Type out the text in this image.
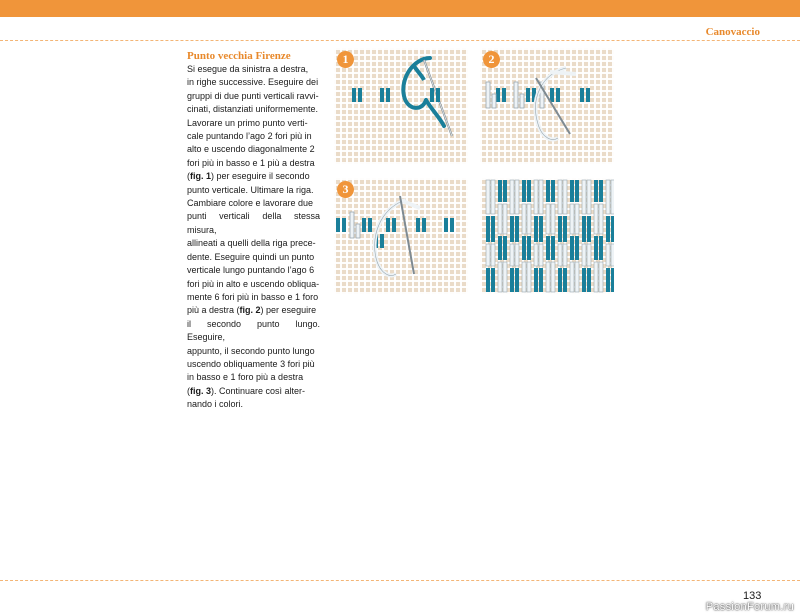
Canovaccio
Punto vecchia Firenze

Si esegue da sinistra a destra,
in righe successive. Eseguire dei
gruppi di due punti verticali ravvi-
cinati, distanziati uniformemente.
Lavorare un primo punto verti-
cale puntando l’ago 2 fori più in
alto e uscendo diagonalmente 2
fori più in basso e 1 più a destra
(fig. 1) per eseguire il secondo
punto verticale. Ultimare la riga.
Cambiare colore e lavorare due
punti verticali della stessa misura,
allineati a quelli della riga prece-
dente. Eseguire quindi un punto
verticale lungo puntando l’ago 6
fori più in alto e uscendo obliqua-
mente 6 fori più in basso e 1 foro
più a destra (fig. 2) per eseguire
il secondo punto lungo. Eseguire,
appunto, il secondo punto lungo
uscendo obliquamente 3 fori più
in basso e 1 foro più a destra
(fig. 3). Continuare così alter-
nando i colori.

1	2
3
133
PassionForum.ru
